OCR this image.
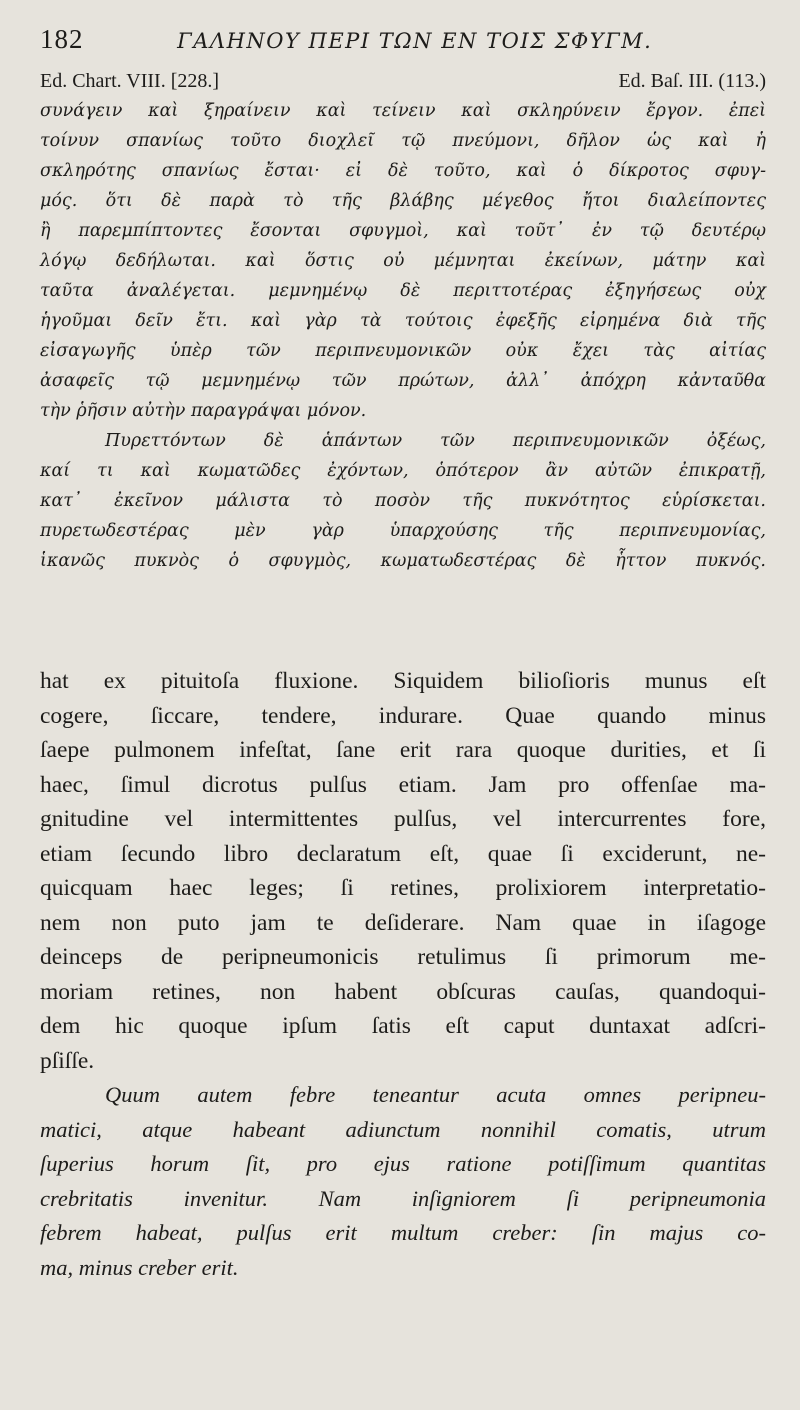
182	ΓΑΛΗΝΟΥ ΠΕΡΙ ΤΩΝ ΕΝ ΤΟΙΣ ΣΦΥΓΜ.
Ed. Chart. VIII. [228.]	Ed. Baſ. III. (113.)
συνάγειν καὶ ξηραίνειν καὶ τείνειν καὶ σκληρύνειν ἔργον. ἐπεὶ
τοίνυν σπανίως τοῦτο διοχλεῖ τῷ πνεύμονι, δῆλον ὡς καὶ ἡ
σκληρότης σπανίως ἔσται· εἰ δὲ τοῦτο, καὶ ὁ δίκροτος σφυγ-
μός. ὅτι δὲ παρὰ τὸ τῆς βλάβης μέγεθος ἤτοι διαλείποντες
ἢ παρεμπίπτοντες ἔσονται σφυγμοὶ, καὶ τοῦτ᾽ ἐν τῷ δευτέρῳ
λόγῳ δεδήλωται. καὶ ὅστις οὐ μέμνηται ἐκείνων, μάτην καὶ
ταῦτα ἀναλέγεται. μεμνημένῳ δὲ περιττοτέρας ἐξηγήσεως οὐχ
ἡγοῦμαι δεῖν ἔτι. καὶ γὰρ τὰ τούτοις ἐφεξῆς εἰρημένα διὰ τῆς
εἰσαγωγῆς ὑπὲρ τῶν περιπνευμονικῶν οὐκ ἔχει τὰς αἰτίας
ἀσαφεῖς τῷ μεμνημένῳ τῶν πρώτων, ἀλλ᾽ ἀπόχρη κἀνταῦθα
τὴν ῥῆσιν αὐτὴν παραγράψαι μόνον.
Πυρεττόντων δὲ ἁπάντων τῶν περιπνευμονικῶν ὀξέως,
καί τι καὶ κωματῶδες ἐχόντων, ὁπότερον ἂν αὐτῶν ἐπικρατῇ,
κατ᾽ ἐκεῖνον μάλιστα τὸ ποσὸν τῆς πυκνότητος εὑρίσκεται.
πυρετωδεστέρας μὲν γὰρ ὑπαρχούσης τῆς περιπνευμονίας,
ἱκανῶς πυκνὸς ὁ σφυγμὸς, κωματωδεστέρας δὲ ἧττον πυκνός.
hat ex pituitoſa fluxione. Siquidem bilioſioris munus eſt
cogere, ſiccare, tendere, indurare. Quae quando minus
ſaepe pulmonem infeſtat, ſane erit rara quoque durities, et ſi
haec, ſimul dicrotus pulſus etiam. Jam pro offenſae ma-
gnitudine vel intermittentes pulſus, vel intercurrentes fore,
etiam ſecundo libro declaratum eſt, quae ſi exciderunt, ne-
quicquam haec leges; ſi retines, prolixiorem interpretatio-
nem non puto jam te deſiderare. Nam quae in iſagoge
deinceps de peripneumonicis retulimus ſi primorum me-
moriam retines, non habent obſcuras cauſas, quandoqui-
dem hic quoque ipſum ſatis eſt caput duntaxat adſcri-
pſiſſe.
Quum autem febre teneantur acuta omnes peripneu-
matici, atque habeant adiunctum nonnihil comatis, utrum
ſuperius horum ſit, pro ejus ratione potiſſimum quantitas
crebritatis invenitur. Nam inſigniorem ſi peripneumonia
febrem habeat, pulſus erit multum creber: ſin majus co-
ma, minus creber erit.
